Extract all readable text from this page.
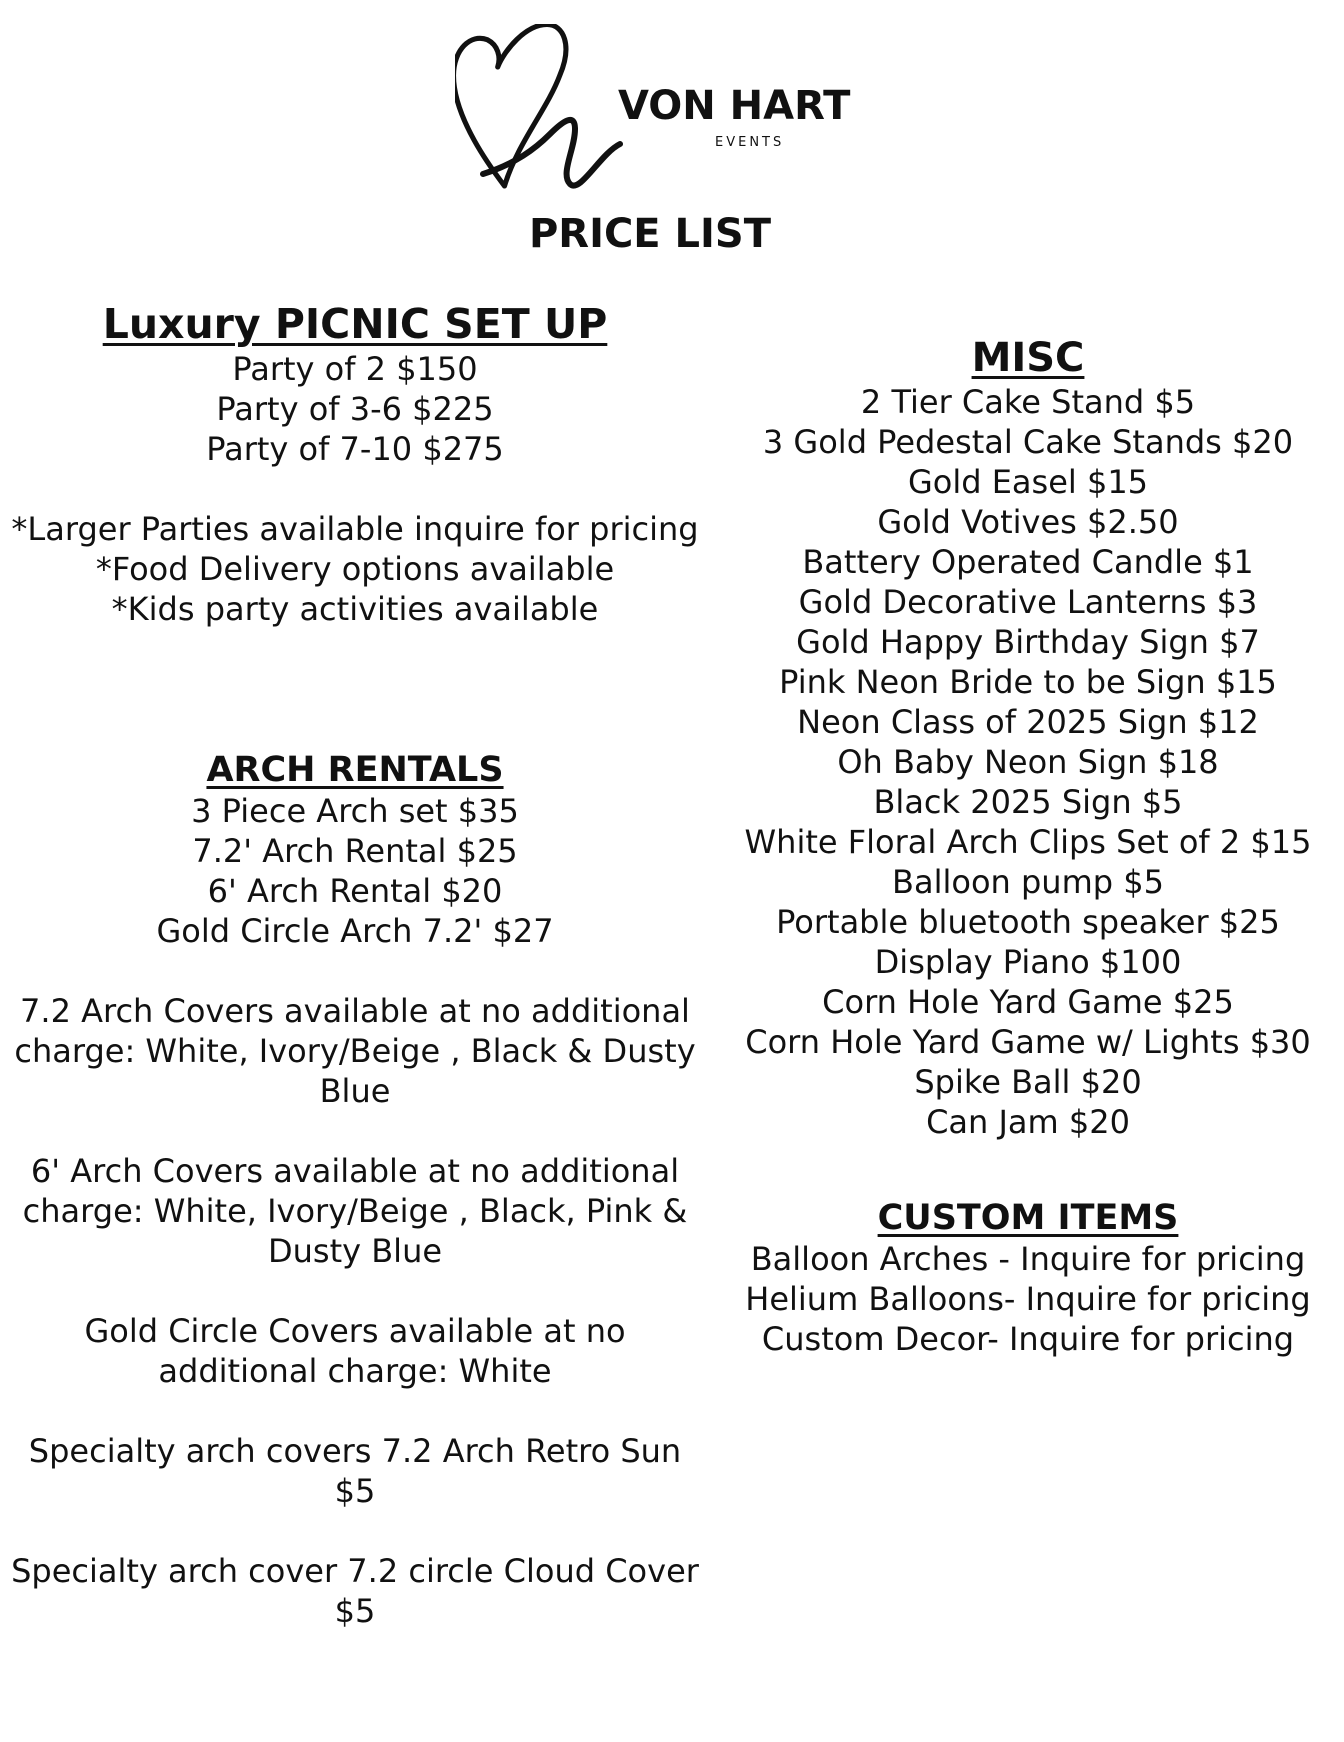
VON HART
EVENTS
PRICE LIST
Luxury PICNIC SET UP
Party of 2 $150
Party of 3-6 $225
Party of 7-10 $275
*Larger Parties available inquire for pricing
*Food Delivery options available
*Kids party activities available
ARCH RENTALS
3 Piece Arch set $35
7.2' Arch Rental $25
6' Arch Rental $20
Gold Circle Arch 7.2' $27
7.2 Arch Covers available at no additional charge: White, Ivory/Beige , Black & Dusty Blue
6' Arch Covers available at no additional charge: White, Ivory/Beige , Black, Pink & Dusty Blue
Gold Circle Covers available at no additional charge: White
Specialty arch covers 7.2 Arch Retro Sun $5
Specialty arch cover 7.2 circle Cloud Cover $5
MISC
2 Tier Cake Stand $5
3 Gold Pedestal Cake Stands $20
Gold Easel $15
Gold Votives $2.50
Battery Operated Candle $1
Gold Decorative Lanterns $3
Gold Happy Birthday Sign $7
Pink Neon Bride to be Sign $15
Neon Class of 2025 Sign $12
Oh Baby Neon Sign $18
Black 2025 Sign $5
White Floral Arch Clips Set of 2 $15
Balloon pump $5
Portable bluetooth speaker $25
Display Piano $100
Corn Hole Yard Game $25
Corn Hole Yard Game w/ Lights $30
Spike Ball $20
Can Jam $20
CUSTOM ITEMS
Balloon Arches - Inquire for pricing
Helium Balloons- Inquire for pricing
Custom Decor- Inquire for pricing
